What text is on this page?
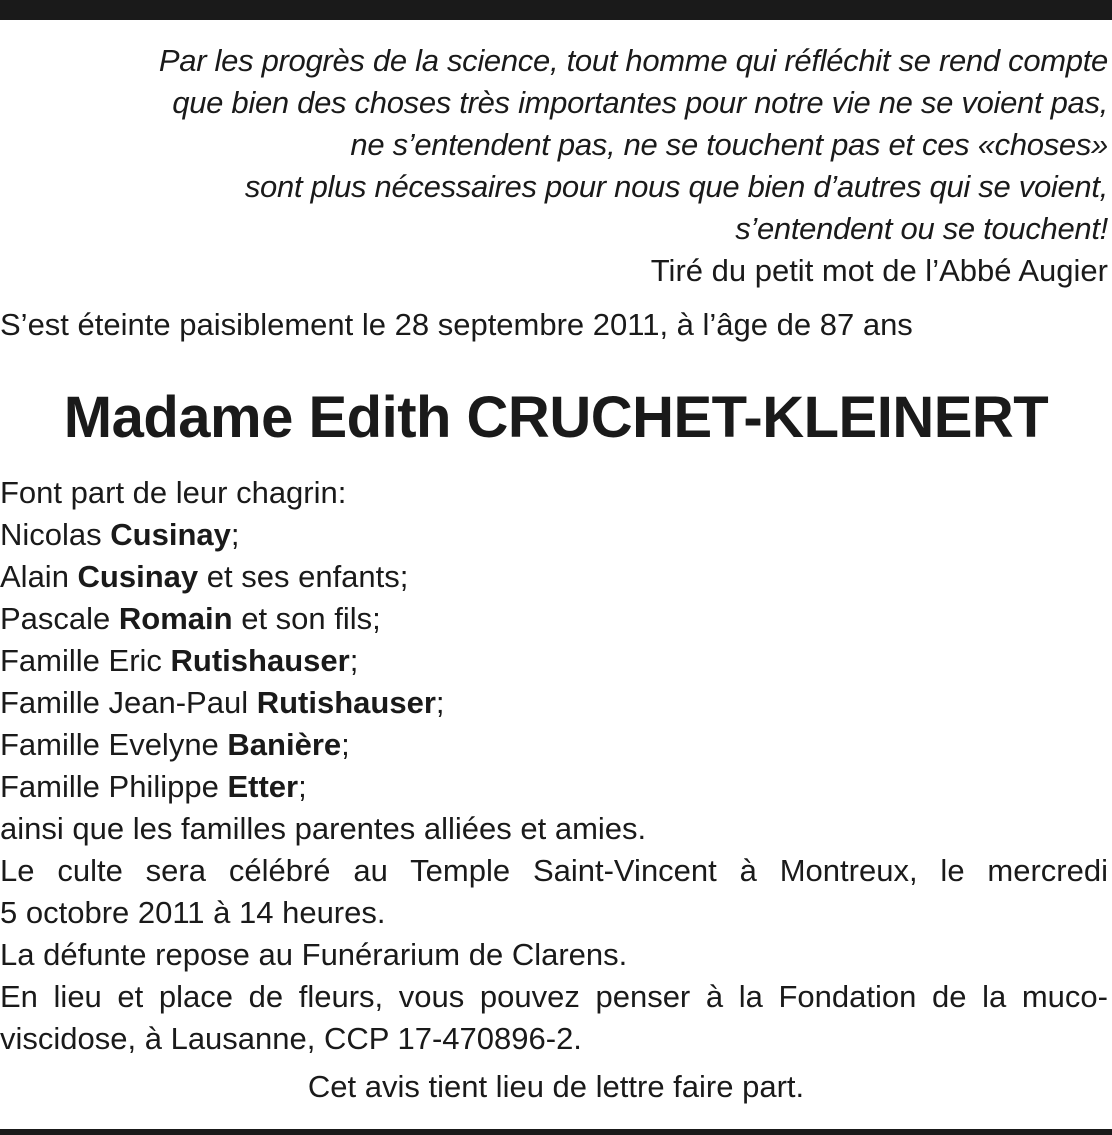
Par les progrès de la science, tout homme qui réfléchit se rend compte
que bien des choses très importantes pour notre vie ne se voient pas,
ne s’entendent pas, ne se touchent pas et ces «choses»
sont plus nécessaires pour nous que bien d’autres qui se voient,
s’entendent ou se touchent!
Tiré du petit mot de l’Abbé Augier
S’est éteinte paisiblement le 28 septembre 2011, à l’âge de 87 ans
Madame Edith CRUCHET-KLEINERT
Font part de leur chagrin:
Nicolas Cusinay;
Alain Cusinay et ses enfants;
Pascale Romain et son fils;
Famille Eric Rutishauser;
Famille Jean-Paul Rutishauser;
Famille Evelyne Banière;
Famille Philippe Etter;
ainsi que les familles parentes alliées et amies.
Le culte sera célébré au Temple Saint-Vincent à Montreux, le mercredi
5 octobre 2011 à 14 heures.
La défunte repose au Funérarium de Clarens.
En lieu et place de fleurs, vous pouvez penser à la Fondation de la muco-
viscidose, à Lausanne, CCP 17-470896-2.
Cet avis tient lieu de lettre faire part.
